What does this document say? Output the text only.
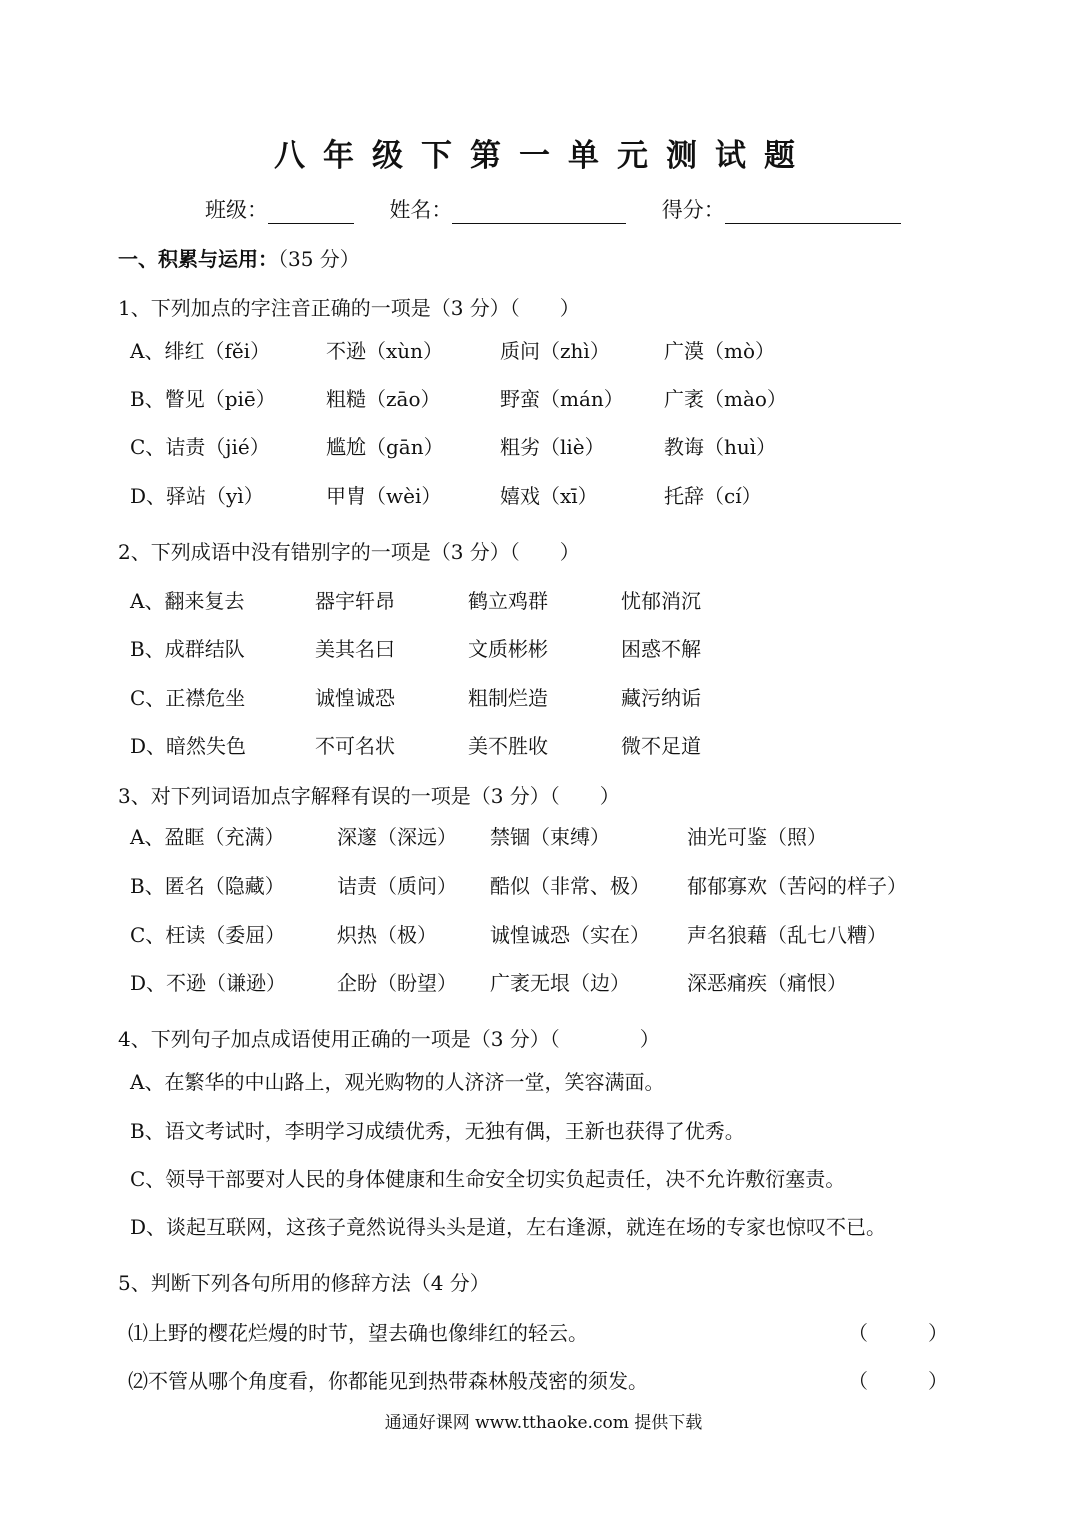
八年级下第一单元测试题
班级：	姓名：	得分：
一、积累与运用：（35 分）
1、下列加点的字注音正确的一项是（3 分）（　　）
A、绯红（fěi）	不逊（xùn）	质问（zhì）	广漠（mò）
B、瞥见（piē）	粗糙（zāo）	野蛮（mán） 广袤（mào）
C、诘责（jié）	尴尬（gān）	粗劣（liè）	教诲（huì）
D、驿站（yì）	甲胄（wèi）	嬉戏（xī）	托辞（cí）
2、下列成语中没有错别字的一项是（3 分）（　　）
A、翻来复去	器宇轩昂	鹤立鸡群	忧郁消沉
B、成群结队	美其名曰	文质彬彬	困惑不解
C、正襟危坐	诚惶诚恐	粗制烂造	藏污纳诟
D、暗然失色	不可名状	美不胜收	微不足道
3、对下列词语加点字解释有误的一项是（3 分）（　　）
A、盈眶（充满）	深邃（深远） 禁锢（束缚）	油光可鉴（照）
B、匿名（隐藏）	诘责（质问） 酷似（非常、极） 郁郁寡欢（苦闷的样子）
C、枉读（委屈）	炽热（极）	诚惶诚恐（实在） 声名狼藉（乱七八糟）
D、不逊（谦逊）	企盼（盼望） 广袤无垠（边）	深恶痛疾（痛恨）
4、下列句子加点成语使用正确的一项是（3 分）（　　　　）
A、在繁华的中山路上，观光购物的人济济一堂，笑容满面。
B、语文考试时，李明学习成绩优秀，无独有偶，王新也获得了优秀。
C、领导干部要对人民的身体健康和生命安全切实负起责任，决不允许敷衍塞责。
D、谈起互联网，这孩子竟然说得头头是道，左右逢源，就连在场的专家也惊叹不已。
5、判断下列各句所用的修辞方法（4 分）
⑴上野的樱花烂熳的时节，望去确也像绯红的轻云。	（　　　）
⑵不管从哪个角度看，你都能见到热带森林般茂密的须发。	（　　　）
通通好课网 www.tthaoke.com 提供下载
